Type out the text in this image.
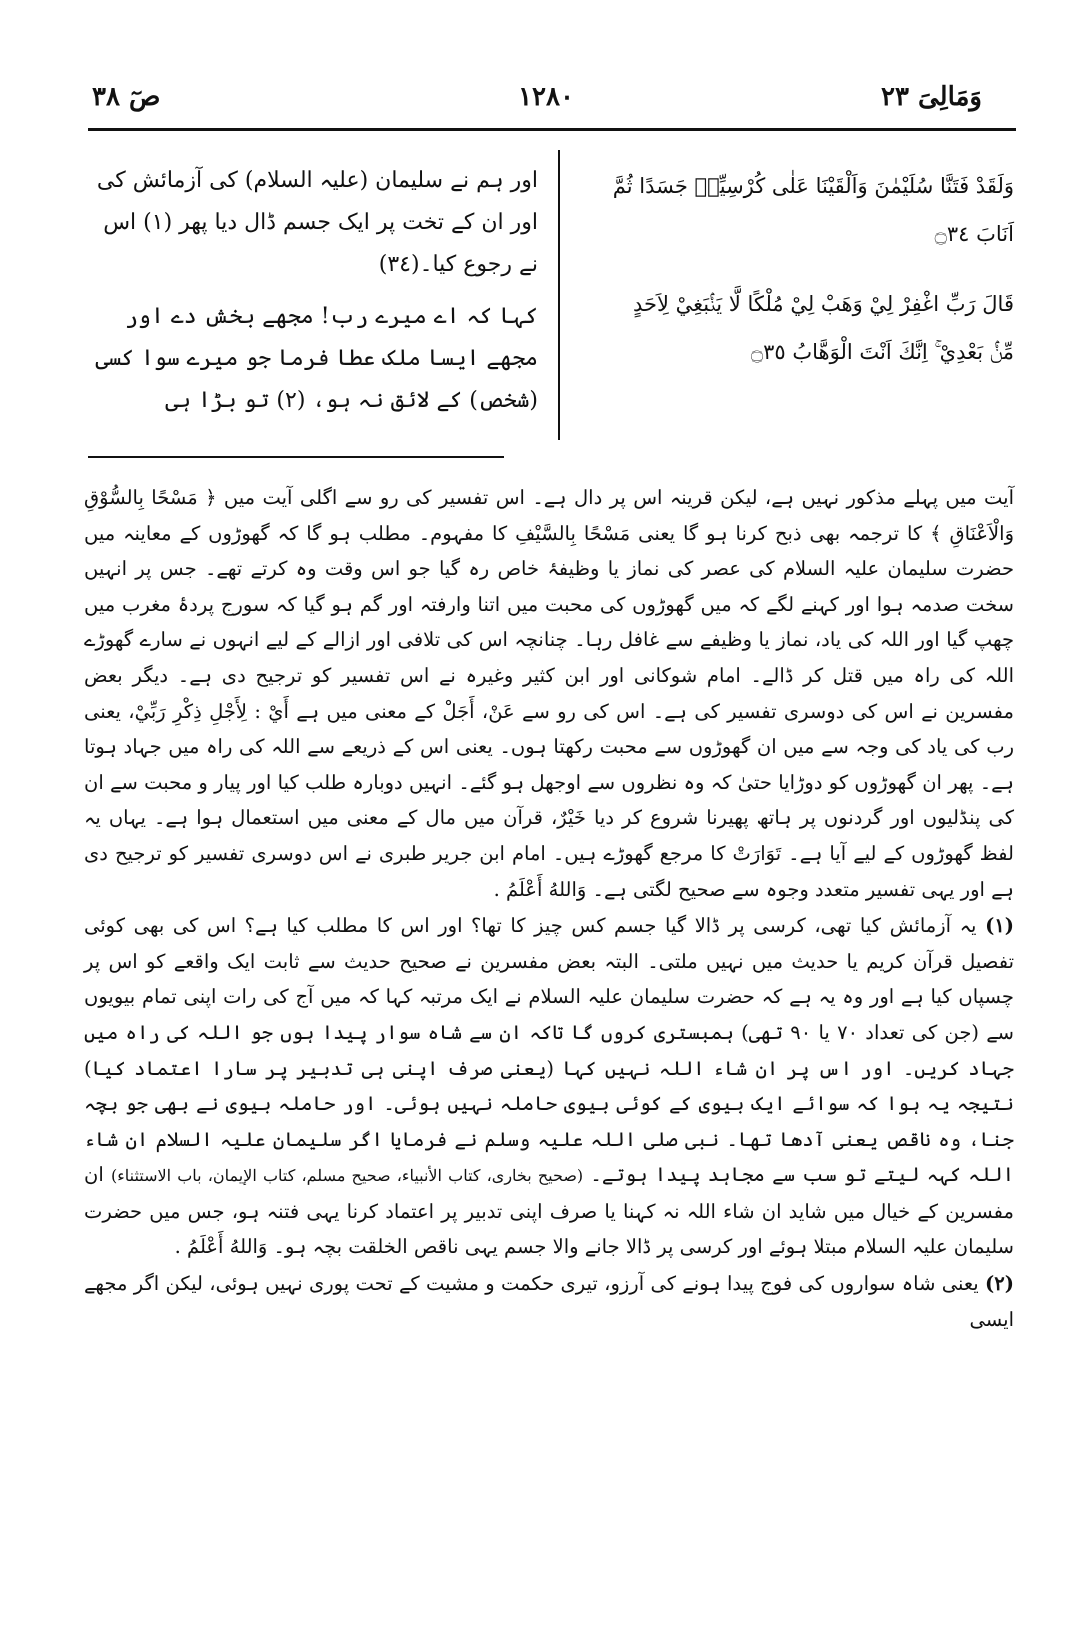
وَمَالِیَ ٢٣
١٢٨٠
صٓ ٣٨

وَلَقَدْ فَتَنَّا سُلَيْمٰنَ وَاَلْقَيْنَا عَلٰى كُرْسِيِّهٖ جَسَدًا ثُمَّ اَنَابَ ۝٣٤

قَالَ رَبِّ اغْفِرْ لِيْ وَهَبْ لِيْ مُلْكًا لَّا يَنْۢبَغِيْ لِاَحَدٍ مِّنْۢ بَعْدِيْ ۚ اِنَّكَ اَنْتَ الْوَهَّابُ ۝٣٥

اور ہم نے سلیمان (علیہ السلام) کی آزمائش کی اور ان کے تخت پر ایک جسم ڈال دیا پھر (١) اس نے رجوع کیا۔(٣٤)

کہا کہ اے میرے رب! مجھے بخش دے اور مجھے ایسا ملک عطا فرما جو میرے سوا کسی (شخص) کے لائق نہ ہو، (٢) تو بڑا ہی

آیت میں پہلے مذکور نہیں ہے، لیکن قرینہ اس پر دال ہے۔ اس تفسیر کی رو سے اگلی آیت میں ﴿ مَسْحًا بِالسُّوْقِ وَالْاَعْنَاقِ ﴾ کا ترجمہ بھی ذبح کرنا ہو گا یعنی مَسْحًا بِالسَّيْفِ کا مفہوم۔ مطلب ہو گا کہ گھوڑوں کے معاینہ میں حضرت سلیمان علیہ السلام کی عصر کی نماز یا وظیفۂ خاص رہ گیا جو اس وقت وہ کرتے تھے۔ جس پر انہیں سخت صدمہ ہوا اور کہنے لگے کہ میں گھوڑوں کی محبت میں اتنا وارفتہ اور گم ہو گیا کہ سورج پردۂ مغرب میں چھپ گیا اور اللہ کی یاد، نماز یا وظیفے سے غافل رہا۔ چنانچہ اس کی تلافی اور ازالے کے لیے انہوں نے سارے گھوڑے اللہ کی راہ میں قتل کر ڈالے۔ امام شوکانی اور ابن کثیر وغیرہ نے اس تفسیر کو ترجیح دی ہے۔ دیگر بعض مفسرین نے اس کی دوسری تفسیر کی ہے۔ اس کی رو سے عَنْ، أَجَلْ کے معنی میں ہے أَيْ : لِأَجْلِ ذِكْرِ رَبِّيْ، یعنی رب کی یاد کی وجہ سے میں ان گھوڑوں سے محبت رکھتا ہوں۔ یعنی اس کے ذریعے سے اللہ کی راہ میں جہاد ہوتا ہے۔ پھر ان گھوڑوں کو دوڑایا حتیٰ کہ وہ نظروں سے اوجھل ہو گئے۔ انہیں دوبارہ طلب کیا اور پیار و محبت سے ان کی پنڈلیوں اور گردنوں پر ہاتھ پھیرنا شروع کر دیا خَيْرٌ، قرآن میں مال کے معنی میں استعمال ہوا ہے۔ یہاں یہ لفظ گھوڑوں کے لیے آیا ہے۔ تَوَارَتْ کا مرجع گھوڑے ہیں۔ امام ابن جریر طبری نے اس دوسری تفسیر کو ترجیح دی ہے اور یہی تفسیر متعدد وجوہ سے صحیح لگتی ہے۔ وَاللهُ أَعْلَمُ .

(١) یہ آزمائش کیا تھی، کرسی پر ڈالا گیا جسم کس چیز کا تھا؟ اور اس کا مطلب کیا ہے؟ اس کی بھی کوئی تفصیل قرآن کریم یا حدیث میں نہیں ملتی۔ البتہ بعض مفسرین نے صحیح حدیث سے ثابت ایک واقعے کو اس پر چسپاں کیا ہے اور وہ یہ ہے کہ حضرت سلیمان علیہ السلام نے ایک مرتبہ کہا کہ میں آج کی رات اپنی تمام بیویوں سے (جن کی تعداد ٧٠ یا ٩٠ تھی) ہمبستری کروں گا تاکہ ان سے شاہ سوار پیدا ہوں جو اللہ کی راہ میں جہاد کریں۔ اور اس پر ان شاء اللہ نہیں کہا (یعنی صرف اپنی ہی تدبیر پر سارا اعتماد کیا) نتیجہ یہ ہوا کہ سوائے ایک بیوی کے کوئی بیوی حاملہ نہیں ہوئی۔ اور حاملہ بیوی نے بھی جو بچہ جنا، وہ ناقص یعنی آدھا تھا۔ نبی صلی اللہ علیہ وسلم نے فرمایا اگر سلیمان علیہ السلام ان شاء اللہ کہہ لیتے تو سب سے مجاہد پیدا ہوتے۔ (صحیح بخاری، کتاب الأنبیاء، صحیح مسلم، کتاب الإیمان، باب الاستثناء) ان مفسرین کے خیال میں شاید ان شاء اللہ نہ کہنا یا صرف اپنی تدبیر پر اعتماد کرنا یہی فتنہ ہو، جس میں حضرت سلیمان علیہ السلام مبتلا ہوئے اور کرسی پر ڈالا جانے والا جسم یہی ناقص الخلقت بچہ ہو۔ وَاللهُ أَعْلَمُ .

(٢) یعنی شاہ سواروں کی فوج پیدا ہونے کی آرزو، تیری حکمت و مشیت کے تحت پوری نہیں ہوئی، لیکن اگر مجھے ایسی
